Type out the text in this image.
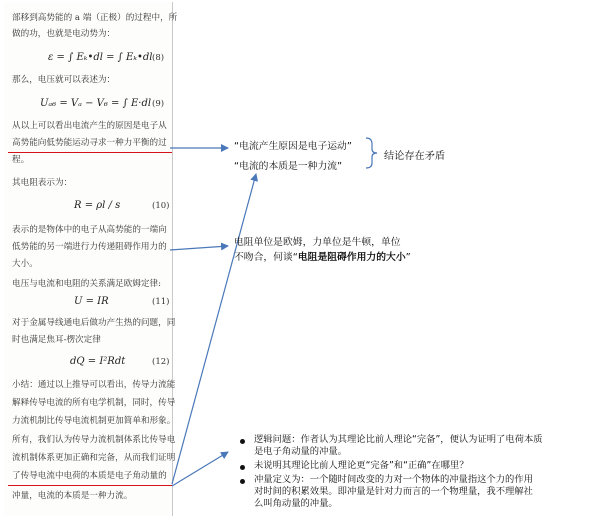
部移到高势能的 a 端（正极）的过程中，所
做的功，也就是电动势为：
ε = ∫ Eₖ•dl = ∫ Eₖ•dl (8)
那么，电压就可以表述为：
Uₐ₆ = Vₐ − V₆ = ∫ E·dl (9)
从以上可以看出电流产生的原因是电子从
高势能向低势能运动寻求一种力平衡的过
程。
其电阻表示为：
R = ρl / s	(10)
表示的是物体中的电子从高势能的一端向
低势能的另一端进行力传递阻碍作用力的
大小。
电压与电流和电阻的关系满足欧姆定律:
U = IR	(11)
对于金属导线通电后做功产生热的问题，同
时也满足焦耳-楞次定律
dQ = I²Rdt	(12)
小结：通过以上推导可以看出，传导力流能
解释传导电流的所有电学机制，同时，传导
力流机制比传导电流机制更加简单和形象。
所有，我们认为传导力流机制体系比传导电
流机制体系更加正确和完备，从而我们证明
了传导电流中电荷的本质是电子角动量的
冲量，电流的本质是一种力流。
“电流产生原因是电子运动”
“电流的本质是一种力流”
结论存在矛盾
电阻单位是欧姆，力单位是牛顿，单位
不吻合，何谈“电阻是阻碍作用力的大小”
逻辑问题：作者认为其理论比前人理论“完备”，便认为证明了电荷本质
是电子角动量的冲量。
未说明其理论比前人理论更“完备”和“正确”在哪里？
冲量定义为：一个随时间改变的力对一个物体的冲量指这个力的作用
对时间的积累效果。即冲量是针对力而言的一个物理量，我不理解社
么叫角动量的冲量。
